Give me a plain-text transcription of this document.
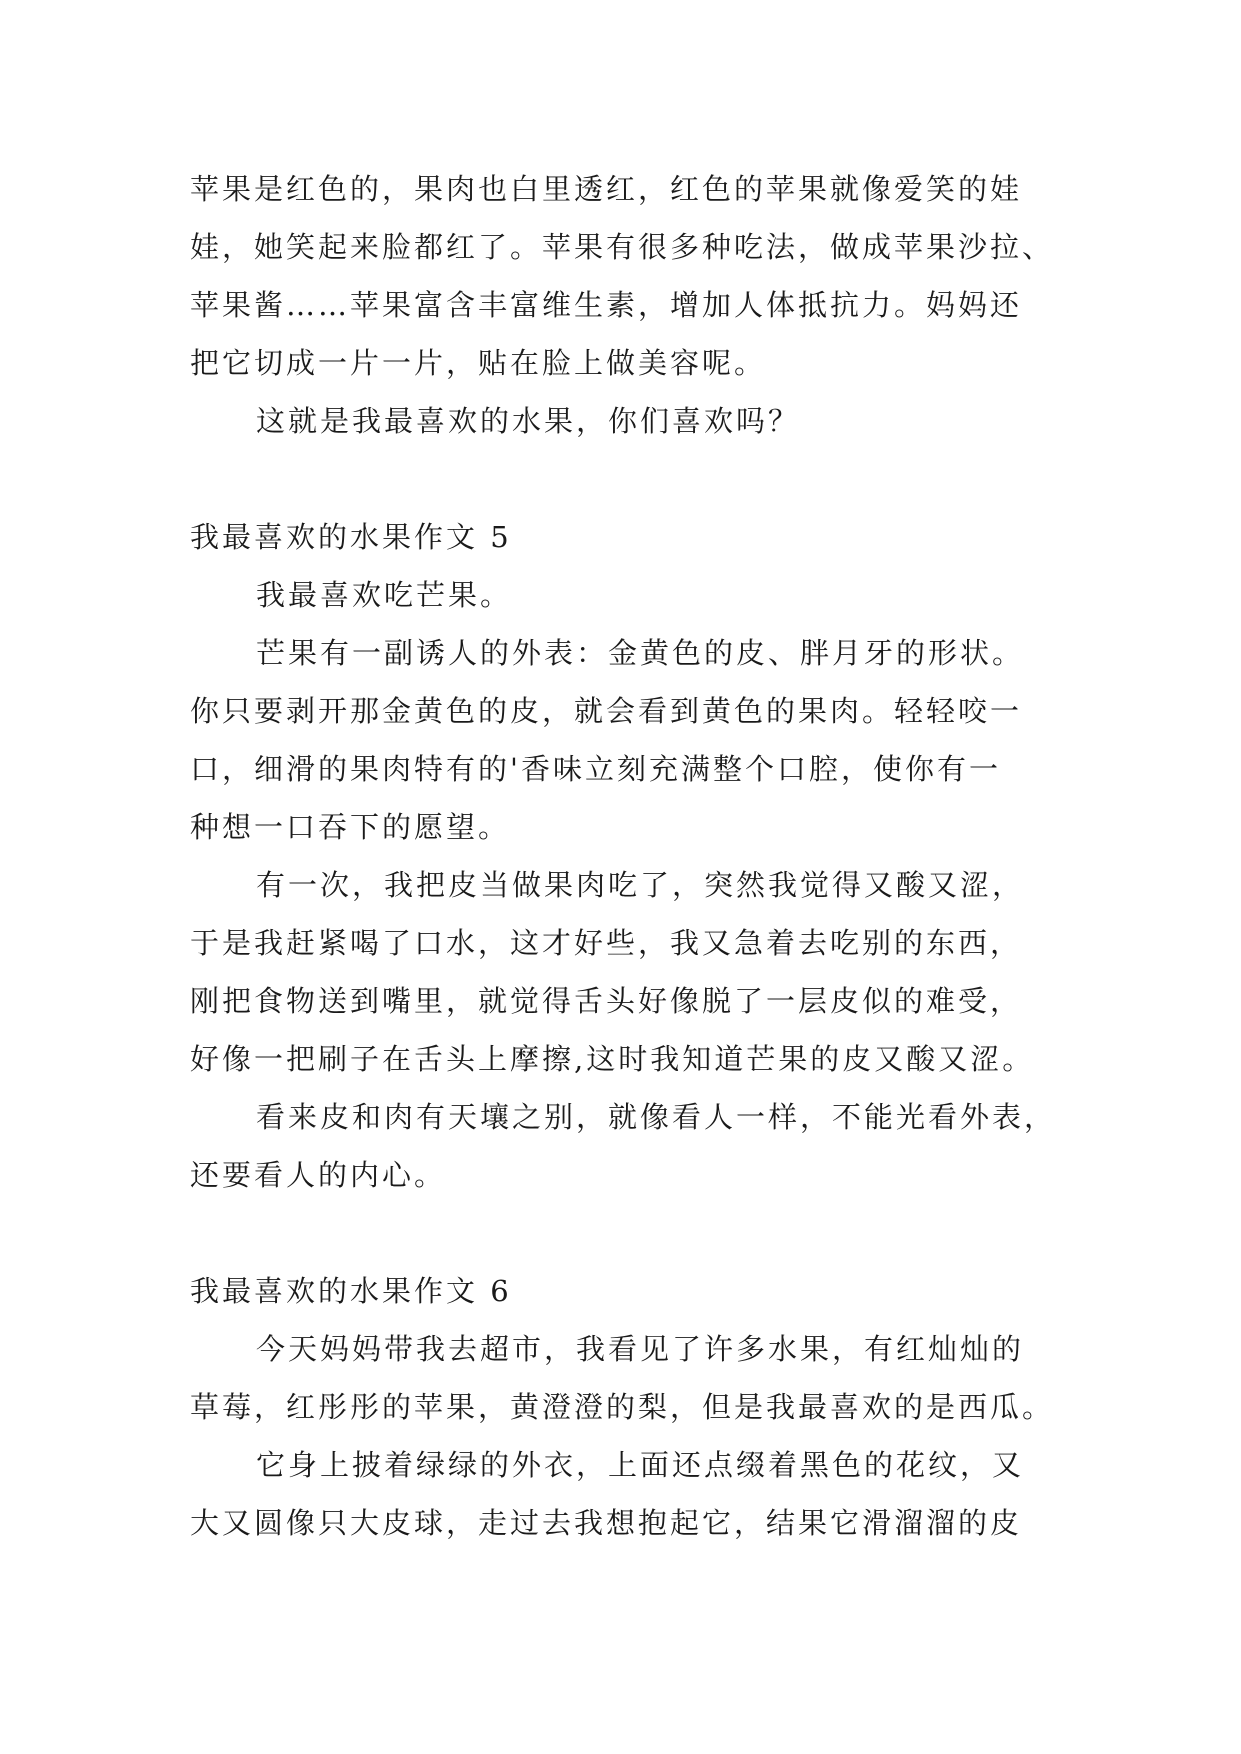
苹果是红色的，果肉也白里透红，红色的苹果就像爱笑的娃
娃，她笑起来脸都红了。苹果有很多种吃法，做成苹果沙拉、
苹果酱……苹果富含丰富维生素，增加人体抵抗力。妈妈还
把它切成一片一片，贴在脸上做美容呢。
这就是我最喜欢的水果，你们喜欢吗？
我最喜欢的水果作文 5
我最喜欢吃芒果。
芒果有一副诱人的外表：金黄色的皮、胖月牙的形状。
你只要剥开那金黄色的皮，就会看到黄色的果肉。轻轻咬一
口，细滑的果肉特有的'香味立刻充满整个口腔，使你有一
种想一口吞下的愿望。
有一次，我把皮当做果肉吃了，突然我觉得又酸又涩，
于是我赶紧喝了口水，这才好些，我又急着去吃别的东西，
刚把食物送到嘴里，就觉得舌头好像脱了一层皮似的难受，
好像一把刷子在舌头上摩擦,这时我知道芒果的皮又酸又涩。
看来皮和肉有天壤之别，就像看人一样，不能光看外表，
还要看人的内心。
我最喜欢的水果作文 6
今天妈妈带我去超市，我看见了许多水果，有红灿灿的
草莓，红彤彤的苹果，黄澄澄的梨，但是我最喜欢的是西瓜。
它身上披着绿绿的外衣，上面还点缀着黑色的花纹，又
大又圆像只大皮球，走过去我想抱起它，结果它滑溜溜的皮
